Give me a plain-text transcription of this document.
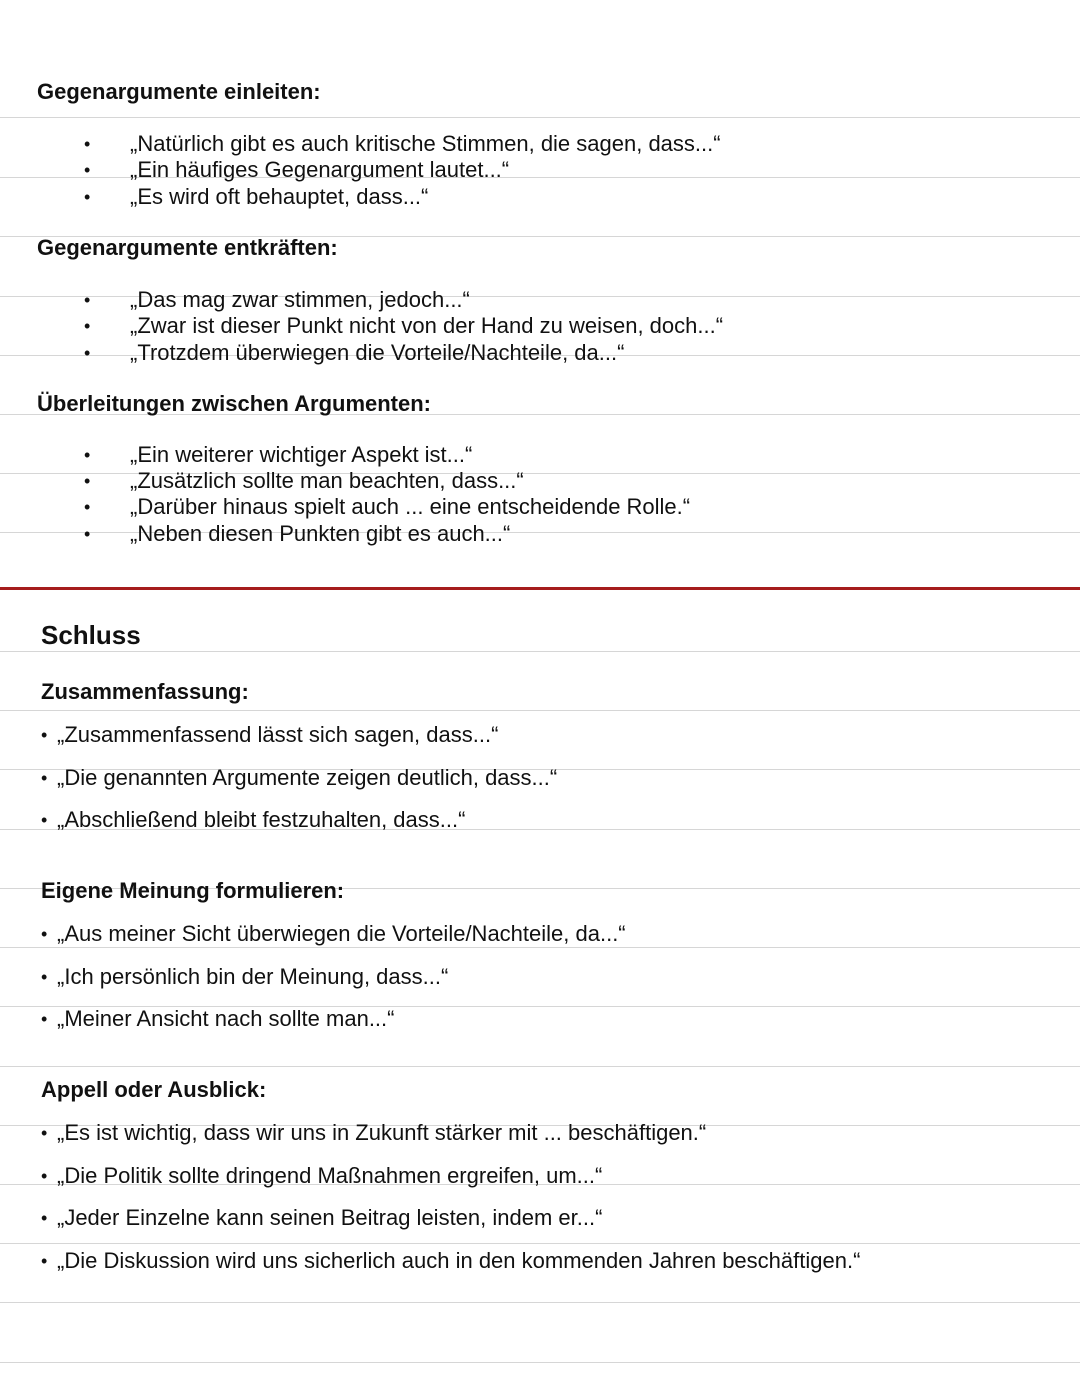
Gegenargumente einleiten:
• „Natürlich gibt es auch kritische Stimmen, die sagen, dass...“
• „Ein häufiges Gegenargument lautet...“
• „Es wird oft behauptet, dass...“
Gegenargumente entkräften:
• „Das mag zwar stimmen, jedoch...“
• „Zwar ist dieser Punkt nicht von der Hand zu weisen, doch...“
• „Trotzdem überwiegen die Vorteile/Nachteile, da...“
Überleitungen zwischen Argumenten:
• „Ein weiterer wichtiger Aspekt ist...“
• „Zusätzlich sollte man beachten, dass...“
• „Darüber hinaus spielt auch ... eine entscheidende Rolle.“
• „Neben diesen Punkten gibt es auch...“
Schluss
Zusammenfassung:
• „Zusammenfassend lässt sich sagen, dass...“
• „Die genannten Argumente zeigen deutlich, dass...“
• „Abschließend bleibt festzuhalten, dass...“
Eigene Meinung formulieren:
• „Aus meiner Sicht überwiegen die Vorteile/Nachteile, da...“
• „Ich persönlich bin der Meinung, dass...“
• „Meiner Ansicht nach sollte man...“
Appell oder Ausblick:
• „Es ist wichtig, dass wir uns in Zukunft stärker mit ... beschäftigen.“
• „Die Politik sollte dringend Maßnahmen ergreifen, um...“
• „Jeder Einzelne kann seinen Beitrag leisten, indem er...“
• „Die Diskussion wird uns sicherlich auch in den kommenden Jahren beschäftigen.“
